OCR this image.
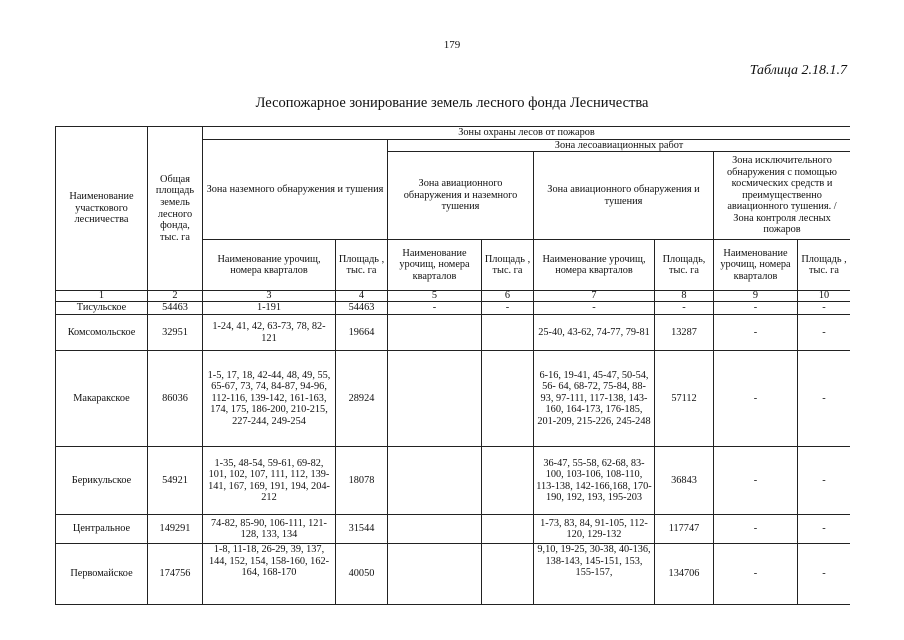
179
Таблица 2.18.1.7
Лесопожарное зонирование земель лесного фонда Лесничества
Наименование участкового лесничества	Общая площадь земель лесного фонда, тыс. га	Зоны охраны лесов от пожаров							
		Зона наземного обнаружения и тушения		Зона лесоавиационных работ					
				Зона авиационного обнаружения и наземного тушения		Зона авиационного обнаружения и тушения		Зона исключительного обнаружения с помощью космических средств и преимущественно авиационного тушения. / Зона контроля лесных пожаров	
		Наименование урочищ, номера кварталов	Площадь , тыс. га	Наименование урочищ, номера кварталов	Площадь , тыс. га	Наименование урочищ, номера кварталов	Площадь, тыс. га	Наименование урочищ, номера кварталов	Площадь , тыс. га
1	2	3	4	5	6	7	8	9	10
Тисульское	54463	1-191	54463	-	-	-	-	-	-
Комсомольское	32951	1-24, 41, 42, 63-73, 78, 82-121	19664			25-40, 43-62, 74-77, 79-81	13287	-	-
Макаракское	86036	1-5, 17, 18, 42-44, 48, 49, 55, 65-67, 73, 74, 84-87, 94-96, 112-116, 139-142, 161-163, 174, 175, 186-200, 210-215, 227-244, 249-254	28924			6-16, 19-41, 45-47, 50-54, 56- 64, 68-72, 75-84, 88-93, 97-111, 117-138, 143-160, 164-173, 176-185, 201-209, 215-226, 245-248	57112	-	-
Берикульское	54921	1-35, 48-54, 59-61, 69-82, 101, 102, 107, 111, 112, 139-141, 167, 169, 191, 194, 204-212	18078			36-47, 55-58, 62-68, 83-100, 103-106, 108-110, 113-138, 142-166,168, 170-190, 192, 193, 195-203	36843	-	-
Центральное	149291	74-82, 85-90, 106-111, 121-128, 133, 134	31544			1-73, 83, 84, 91-105, 112-120, 129-132	117747	-	-
Первомайское	174756	1-8, 11-18, 26-29, 39, 137, 144, 152, 154, 158-160, 162-164, 168-170	40050			9,10, 19-25, 30-38, 40-136, 138-143, 145-151, 153, 155-157,	134706	-	-
